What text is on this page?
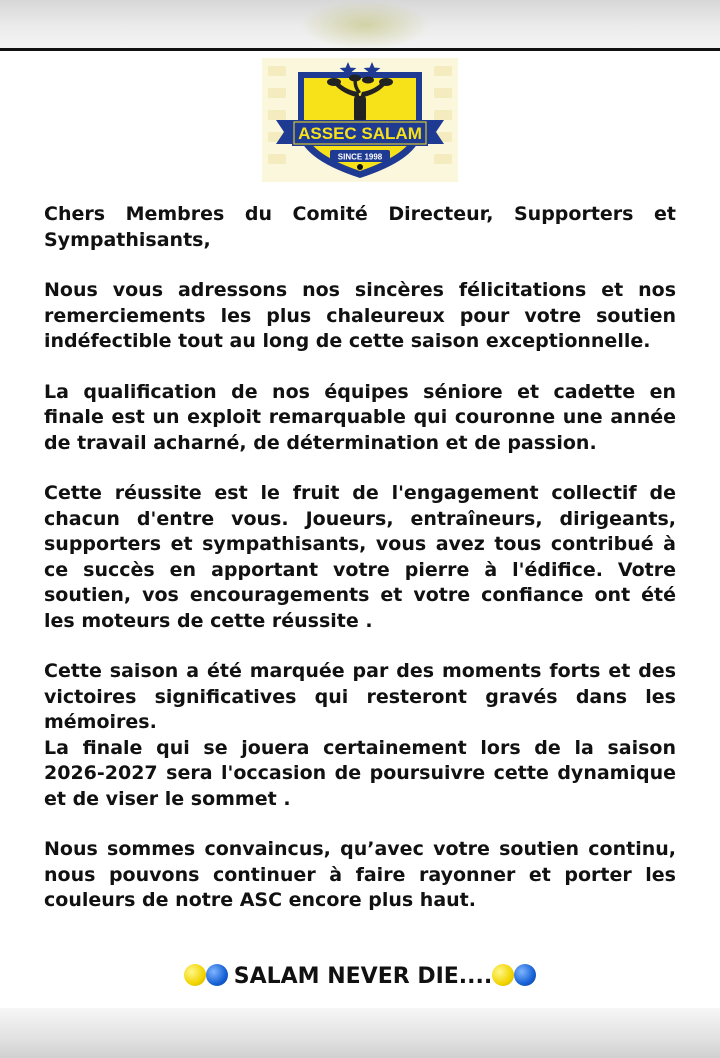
ASSEC SALAM
SINCE 1998

Chers Membres du Comité Directeur, Supporters et Sympathisants,

Nous vous adressons nos sincères félicitations et nos remerciements les plus chaleureux pour votre soutien indéfectible tout au long de cette saison exceptionnelle.

La qualification de nos équipes séniore et cadette en finale est un exploit remarquable qui couronne une année de travail acharné, de détermination et de passion.

Cette réussite est le fruit de l'engagement collectif de chacun d'entre vous. Joueurs, entraîneurs, dirigeants, supporters et sympathisants, vous avez tous contribué à ce succès en apportant votre pierre à l'édifice. Votre soutien, vos encouragements et votre confiance ont été les moteurs de cette réussite .

Cette saison a été marquée par des moments forts et des victoires significatives qui resteront gravés dans les mémoires.

La finale qui se jouera certainement lors de la saison 2026-2027 sera l'occasion de poursuivre cette dynamique et de viser le sommet .

Nous sommes convaincus, qu’avec votre soutien continu, nous pouvons continuer à faire rayonner et porter les couleurs de notre ASC encore plus haut.

SALAM NEVER DIE....
